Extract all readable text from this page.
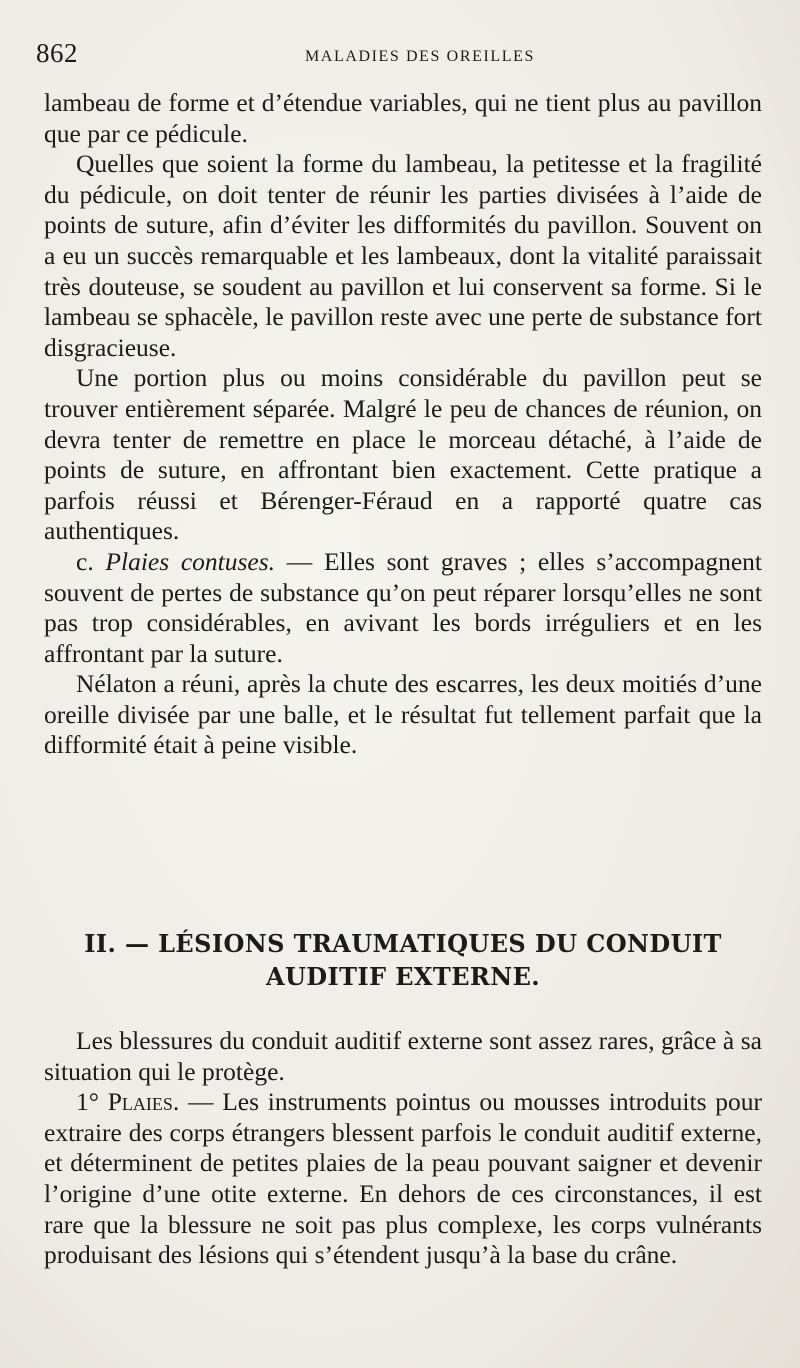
862	MALADIES DES OREILLES

lambeau de forme et d’étendue variables, qui ne tient plus au pavillon que par ce pédicule.

Quelles que soient la forme du lambeau, la petitesse et la fragilité du pédicule, on doit tenter de réunir les parties divisées à l’aide de points de suture, afin d’éviter les difformités du pavillon. Souvent on a eu un succès remarquable et les lambeaux, dont la vitalité paraissait très douteuse, se soudent au pavillon et lui conservent sa forme. Si le lambeau se sphacèle, le pavillon reste avec une perte de substance fort disgracieuse.

Une portion plus ou moins considérable du pavillon peut se trouver entièrement séparée. Malgré le peu de chances de réunion, on devra tenter de remettre en place le morceau détaché, à l’aide de points de suture, en affrontant bien exactement. Cette pratique a parfois réussi et Bérenger-Féraud en a rapporté quatre cas authentiques.

c. Plaies contuses. — Elles sont graves ; elles s’accompagnent souvent de pertes de substance qu’on peut réparer lorsqu’elles ne sont pas trop considérables, en avivant les bords irréguliers et en les affrontant par la suture.

Nélaton a réuni, après la chute des escarres, les deux moitiés d’une oreille divisée par une balle, et le résultat fut tellement parfait que la difformité était à peine visible.

II. — LÉSIONS TRAUMATIQUES DU CONDUIT
AUDITIF EXTERNE.

Les blessures du conduit auditif externe sont assez rares, grâce à sa situation qui le protège.

1° Plaies. — Les instruments pointus ou mousses introduits pour extraire des corps étrangers blessent parfois le conduit auditif externe, et déterminent de petites plaies de la peau pouvant saigner et devenir l’origine d’une otite externe. En dehors de ces circonstances, il est rare que la blessure ne soit pas plus complexe, les corps vulnérants produisant des lésions qui s’étendent jusqu’à la base du crâne.
